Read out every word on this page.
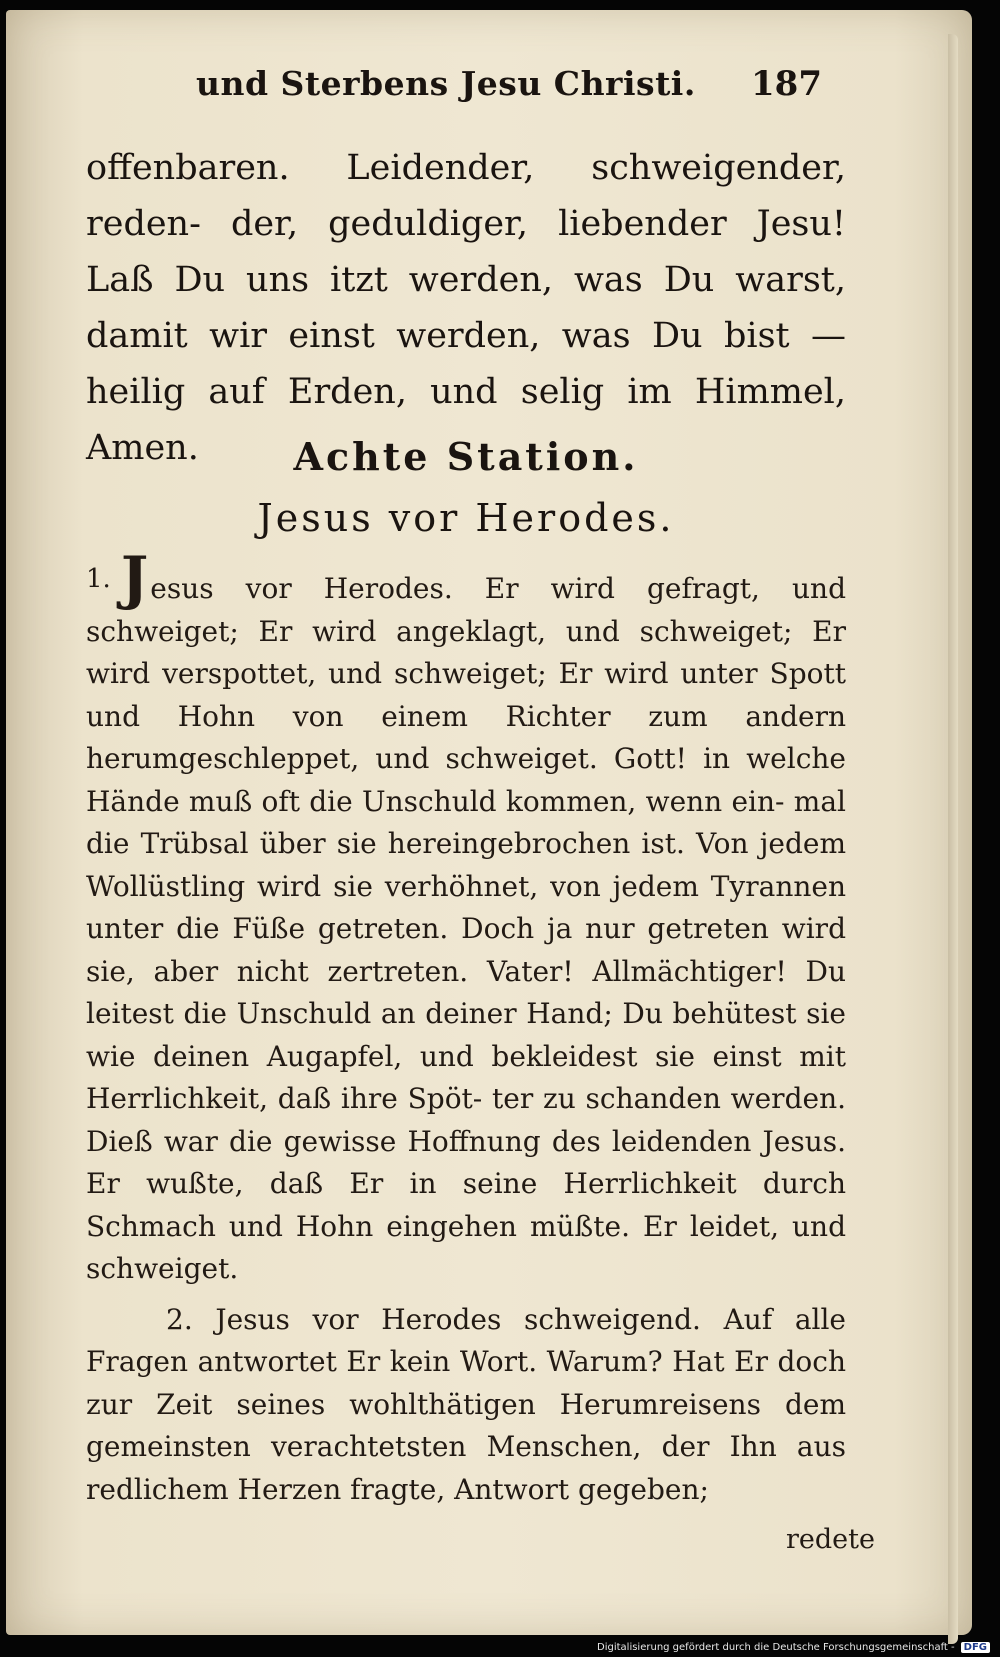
und Sterbens Jesu Christi. 187

offenbaren. Leidender, schweigender, reden- der, geduldiger, liebender Jesu! Laß Du uns itzt werden, was Du warst, damit wir einst werden, was Du bist — heilig auf Erden, und selig im Himmel, Amen.	Achte Station.
Jesus vor Herodes.

1. Jesus vor Herodes. Er wird gefragt, und schweiget; Er wird angeklagt, und schweiget; Er wird verspottet, und schweiget; Er wird unter Spott und Hohn von einem Richter zum andern herumgeschleppet, und schweiget. Gott! in welche Hände muß oft die Unschuld kommen, wenn ein- mal die Trübsal über sie hereingebrochen ist. Von jedem Wollüstling wird sie verhöhnet, von jedem Tyrannen unter die Füße getreten. Doch ja nur getreten wird sie, aber nicht zertreten. Vater! Allmächtiger! Du leitest die Unschuld an deiner Hand; Du behütest sie wie deinen Augapfel, und bekleidest sie einst mit Herrlichkeit, daß ihre Spöt- ter zu schanden werden. Dieß war die gewisse Hoffnung des leidenden Jesus. Er wußte, daß Er in seine Herrlichkeit durch Schmach und Hohn eingehen müßte. Er leidet, und schweiget.

2. Jesus vor Herodes schweigend. Auf alle Fragen antwortet Er kein Wort. Warum? Hat Er doch zur Zeit seines wohlthätigen Herumreisens dem gemeinsten verachtetsten Menschen, der Ihn aus redlichem Herzen fragte, Antwort gegeben;

redete
Digitalisierung gefördert durch die Deutsche Forschungsgemeinschaft - DFG
